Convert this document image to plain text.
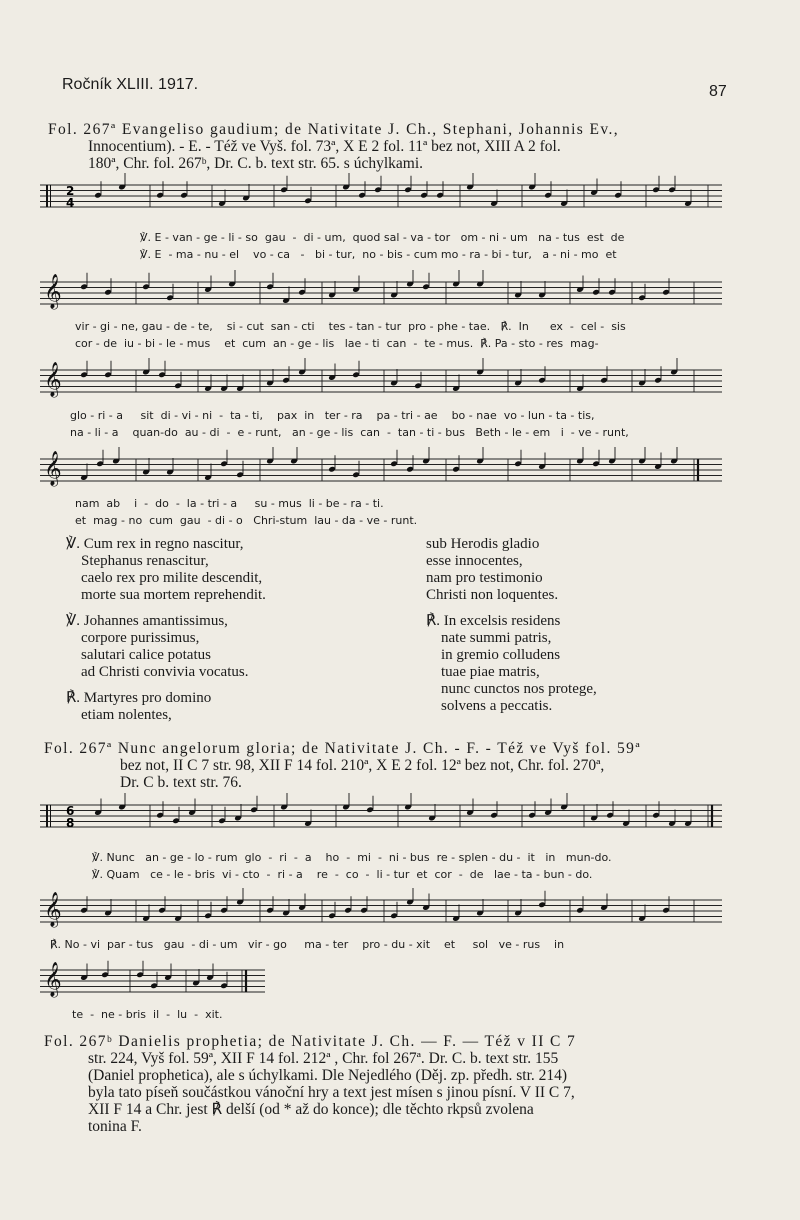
Ročník XLIII. 1917.	87
Fol. 267ª Evangeliso gaudium; de Nativitate J. Ch., Stephani, Johannis Ev.,
Innocentium). - E. - Též ve Vyš. fol. 73ª, X E 2 fol. 11ª bez not, XIII A 2 fol.
180ª, Chr. fol. 267ᵇ, Dr. C. b. text str. 65. s úchylkami.
2
4
℣. E - van - ge - li - so  gau  -  di - um,  quod sal - va - tor   om - ni - um   na - tus  est  de
℣. E  - ma - nu - el    vo - ca   -   bi - tur,  no - bis - cum mo - ra - bi - tur,   a - ni - mo  et
𝄞
vir - gi - ne, gau - de - te,    si - cut  san - cti    tes - tan - tur  pro - phe - tae.   ℟.  In      ex  -  cel -  sis
cor - de  iu - bi - le - mus    et  cum  an - ge - lis   lae - ti  can  -  te - mus.  ℟. Pa - sto - res  mag-
𝄞
glo - ri - a     sit  di - vi - ni  -  ta - ti,    pax  in   ter - ra    pa - tri - ae    bo - nae  vo - lun - ta - tis,
na - li - a    quan-do  au - di  -  e - runt,   an - ge - lis  can  -  tan - ti - bus   Beth - le - em   i  - ve - runt,
𝄞
nam  ab    i  -  do  -  la - tri - a     su - mus  li - be - ra - ti.
et  mag - no  cum  gau  - di - o   Chri-stum  lau - da - ve - runt.
℣. Cum rex in regno nascitur,
Stephanus renascitur,
caelo rex pro milite descendit,
morte sua mortem reprehendit.

℣. Johannes amantissimus,
corpore purissimus,
salutari calice potatus
ad Christi convivia vocatus.

℟. Martyres pro domino
etiam nolentes,
sub Herodis gladio
esse innocentes,
nam pro testimonio
Christi non loquentes.

℟. In excelsis residens
nate summi patris,
in gremio colludens
tuae piae matris,
nunc cunctos nos protege,
solvens a peccatis.
Fol. 267ª Nunc angelorum gloria; de Nativitate J. Ch. - F. - Též ve Vyš fol. 59ª
bez not, II C 7 str. 98, XII F 14 fol. 210ª, X E 2 fol. 12ª bez not, Chr. fol. 270ª,
Dr. C b. text str. 76.
6
8
℣. Nunc   an - ge - lo - rum  glo  -  ri  -  a    ho  -  mi  -  ni - bus  re - splen - du -  it   in   mun-do.
℣. Quam   ce - le - bris  vi - cto  -  ri - a    re  -  co  -  li - tur  et  cor  -  de   lae - ta - bun - do.
𝄞
℟. No - vi  par - tus   gau  - di - um   vir - go     ma - ter    pro - du - xit    et     sol   ve - rus    in
𝄞
te  -  ne - bris  il  -  lu  -  xit.
Fol. 267ᵇ Danielis prophetia; de Nativitate J. Ch. — F. — Též v II C 7
str. 224, Vyš fol. 59ª, XII F 14 fol. 212ª , Chr. fol 267ª. Dr. C. b. text str. 155
(Daniel prophetica), ale s úchylkami. Dle Nejedlého (Děj. zp. předh. str. 214)
byla tato píseň součástkou vánoční hry a text jest mísen s jinou písní. V II C 7,
XII F 14 a Chr. jest ℟ delší (od * až do konce); dle těchto rkpsů zvolena
tonina F.
